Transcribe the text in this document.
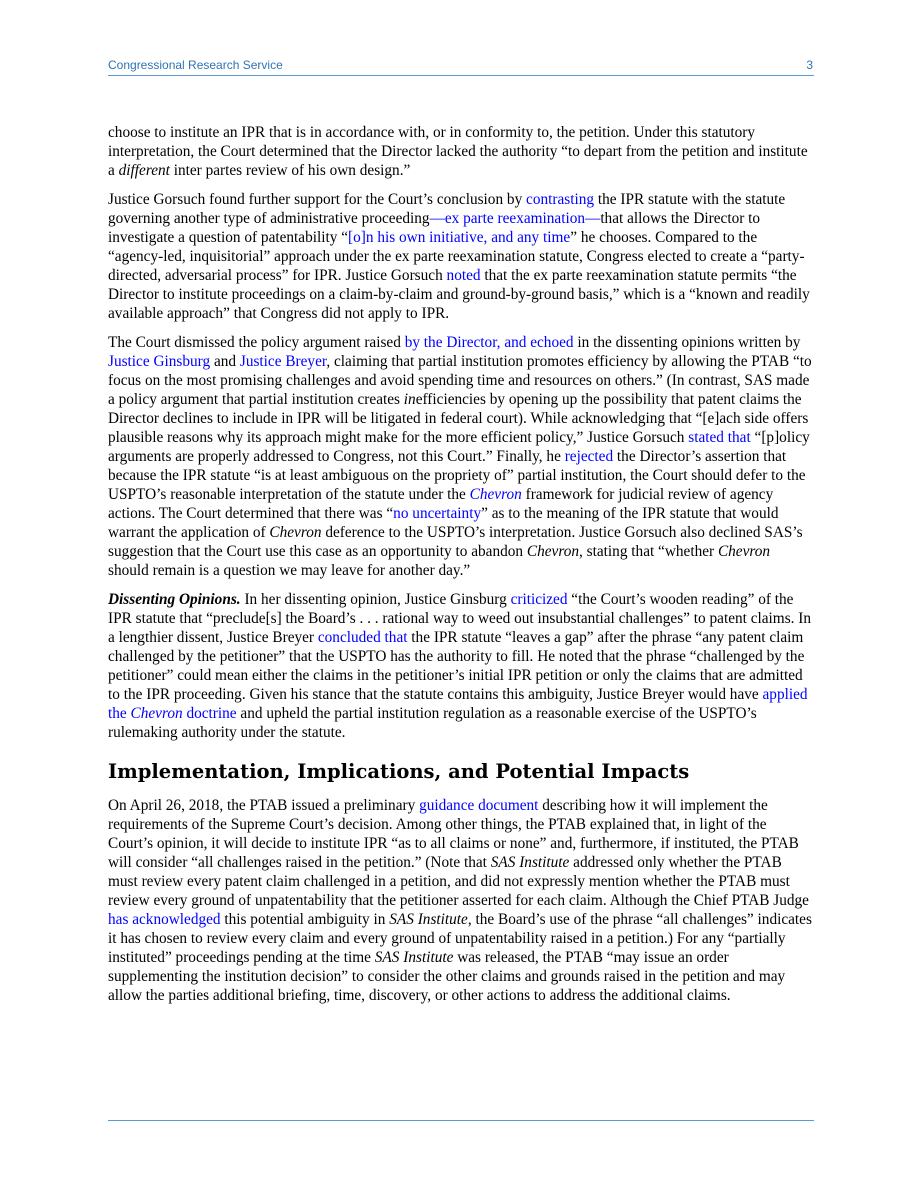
Congressional Research Service	3

choose to institute an IPR that is in accordance with, or in conformity to, the petition. Under this statutory interpretation, the Court determined that the Director lacked the authority “to depart from the petition and institute a different inter partes review of his own design.”

Justice Gorsuch found further support for the Court’s conclusion by contrasting the IPR statute with the statute governing another type of administrative proceeding—ex parte reexamination—that allows the Director to investigate a question of patentability “[o]n his own initiative, and any time” he chooses. Compared to the “agency-led, inquisitorial” approach under the ex parte reexamination statute, Congress elected to create a “party-directed, adversarial process” for IPR. Justice Gorsuch noted that the ex parte reexamination statute permits “the Director to institute proceedings on a claim-by-claim and ground-by-ground basis,” which is a “known and readily available approach” that Congress did not apply to IPR.

The Court dismissed the policy argument raised by the Director, and echoed in the dissenting opinions written by Justice Ginsburg and Justice Breyer, claiming that partial institution promotes efficiency by allowing the PTAB “to focus on the most promising challenges and avoid spending time and resources on others.” (In contrast, SAS made a policy argument that partial institution creates inefficiencies by opening up the possibility that patent claims the Director declines to include in IPR will be litigated in federal court). While acknowledging that “[e]ach side offers plausible reasons why its approach might make for the more efficient policy,” Justice Gorsuch stated that “[p]olicy arguments are properly addressed to Congress, not this Court.” Finally, he rejected the Director’s assertion that because the IPR statute “is at least ambiguous on the propriety of” partial institution, the Court should defer to the USPTO’s reasonable interpretation of the statute under the Chevron framework for judicial review of agency actions. The Court determined that there was “no uncertainty” as to the meaning of the IPR statute that would warrant the application of Chevron deference to the USPTO’s interpretation. Justice Gorsuch also declined SAS’s suggestion that the Court use this case as an opportunity to abandon Chevron, stating that “whether Chevron should remain is a question we may leave for another day.”

Dissenting Opinions. In her dissenting opinion, Justice Ginsburg criticized “the Court’s wooden reading” of the IPR statute that “preclude[s] the Board’s . . . rational way to weed out insubstantial challenges” to patent claims. In a lengthier dissent, Justice Breyer concluded that the IPR statute “leaves a gap” after the phrase “any patent claim challenged by the petitioner” that the USPTO has the authority to fill. He noted that the phrase “challenged by the petitioner” could mean either the claims in the petitioner’s initial IPR petition or only the claims that are admitted to the IPR proceeding. Given his stance that the statute contains this ambiguity, Justice Breyer would have applied the Chevron doctrine and upheld the partial institution regulation as a reasonable exercise of the USPTO’s rulemaking authority under the statute.

Implementation, Implications, and Potential Impacts

On April 26, 2018, the PTAB issued a preliminary guidance document describing how it will implement the requirements of the Supreme Court’s decision. Among other things, the PTAB explained that, in light of the Court’s opinion, it will decide to institute IPR “as to all claims or none” and, furthermore, if instituted, the PTAB will consider “all challenges raised in the petition.” (Note that SAS Institute addressed only whether the PTAB must review every patent claim challenged in a petition, and did not expressly mention whether the PTAB must review every ground of unpatentability that the petitioner asserted for each claim. Although the Chief PTAB Judge has acknowledged this potential ambiguity in SAS Institute, the Board’s use of the phrase “all challenges” indicates it has chosen to review every claim and every ground of unpatentability raised in a petition.) For any “partially instituted” proceedings pending at the time SAS Institute was released, the PTAB “may issue an order supplementing the institution decision” to consider the other claims and grounds raised in the petition and may allow the parties additional briefing, time, discovery, or other actions to address the additional claims.
